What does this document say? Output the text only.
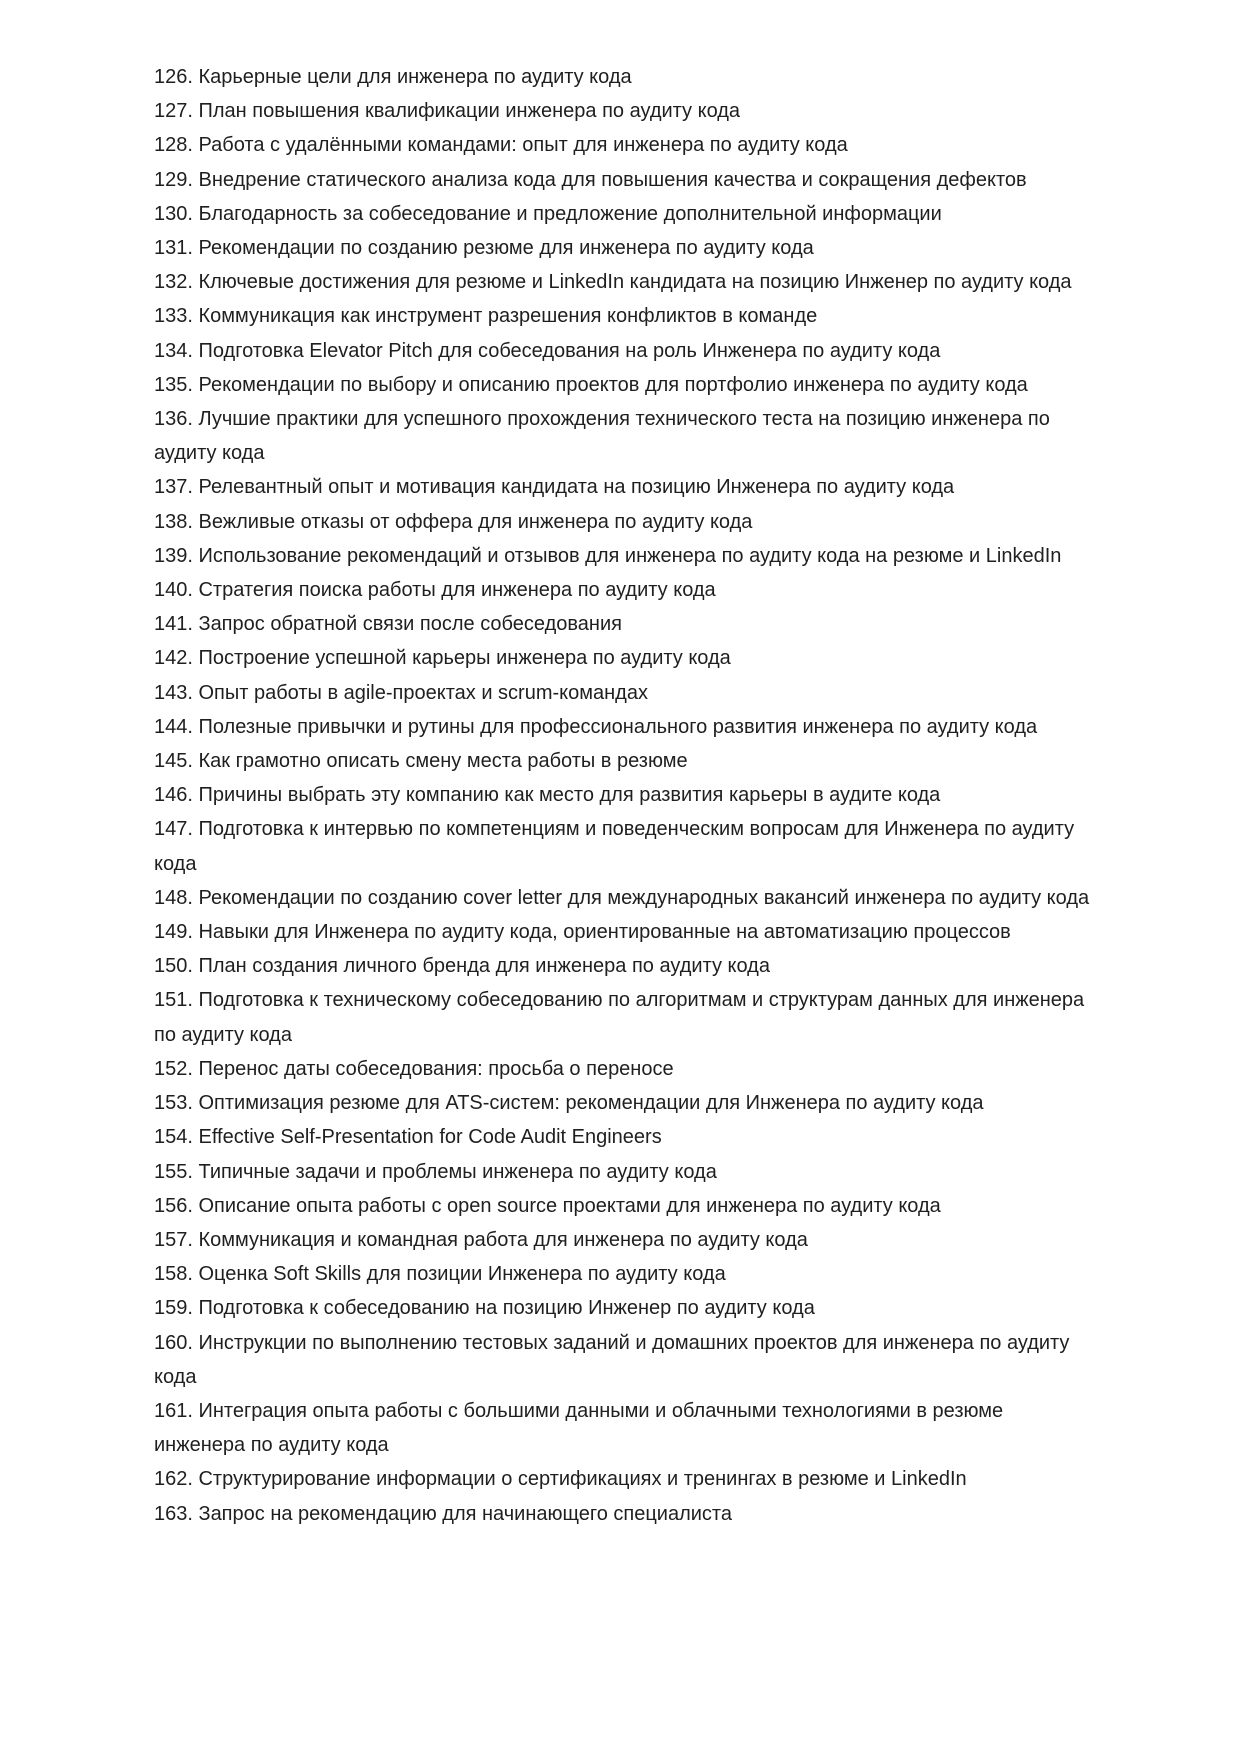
126. Карьерные цели для инженера по аудиту кода
127. План повышения квалификации инженера по аудиту кода
128. Работа с удалёнными командами: опыт для инженера по аудиту кода
129. Внедрение статического анализа кода для повышения качества и сокращения дефектов
130. Благодарность за собеседование и предложение дополнительной информации
131. Рекомендации по созданию резюме для инженера по аудиту кода
132. Ключевые достижения для резюме и LinkedIn кандидата на позицию Инженер по аудиту кода
133. Коммуникация как инструмент разрешения конфликтов в команде
134. Подготовка Elevator Pitch для собеседования на роль Инженера по аудиту кода
135. Рекомендации по выбору и описанию проектов для портфолио инженера по аудиту кода
136. Лучшие практики для успешного прохождения технического теста на позицию инженера по аудиту кода
137. Релевантный опыт и мотивация кандидата на позицию Инженера по аудиту кода
138. Вежливые отказы от оффера для инженера по аудиту кода
139. Использование рекомендаций и отзывов для инженера по аудиту кода на резюме и LinkedIn
140. Стратегия поиска работы для инженера по аудиту кода
141. Запрос обратной связи после собеседования
142. Построение успешной карьеры инженера по аудиту кода
143. Опыт работы в agile-проектах и scrum-командах
144. Полезные привычки и рутины для профессионального развития инженера по аудиту кода
145. Как грамотно описать смену места работы в резюме
146. Причины выбрать эту компанию как место для развития карьеры в аудите кода
147. Подготовка к интервью по компетенциям и поведенческим вопросам для Инженера по аудиту кода
148. Рекомендации по созданию cover letter для международных вакансий инженера по аудиту кода
149. Навыки для Инженера по аудиту кода, ориентированные на автоматизацию процессов
150. План создания личного бренда для инженера по аудиту кода
151. Подготовка к техническому собеседованию по алгоритмам и структурам данных для инженера по аудиту кода
152. Перенос даты собеседования: просьба о переносе
153. Оптимизация резюме для ATS-систем: рекомендации для Инженера по аудиту кода
154. Effective Self-Presentation for Code Audit Engineers
155. Типичные задачи и проблемы инженера по аудиту кода
156. Описание опыта работы с open source проектами для инженера по аудиту кода
157. Коммуникация и командная работа для инженера по аудиту кода
158. Оценка Soft Skills для позиции Инженера по аудиту кода
159. Подготовка к собеседованию на позицию Инженер по аудиту кода
160. Инструкции по выполнению тестовых заданий и домашних проектов для инженера по аудиту кода
161. Интеграция опыта работы с большими данными и облачными технологиями в резюме инженера по аудиту кода
162. Структурирование информации о сертификациях и тренингах в резюме и LinkedIn
163. Запрос на рекомендацию для начинающего специалиста
